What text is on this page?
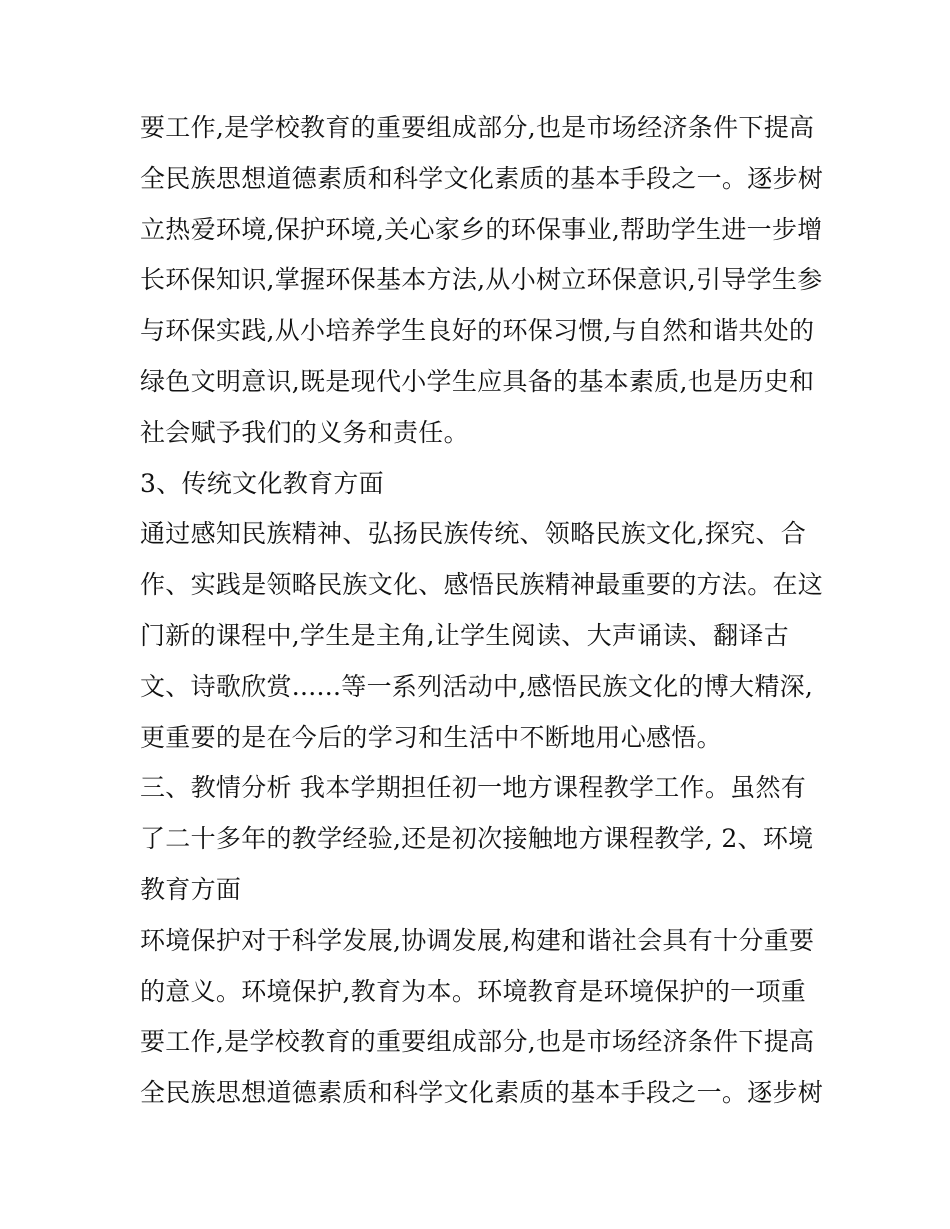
要工作,是学校教育的重要组成部分,也是市场经济条件下提高
全民族思想道德素质和科学文化素质的基本手段之一。逐步树
立热爱环境,保护环境,关心家乡的环保事业,帮助学生进一步增
长环保知识,掌握环保基本方法,从小树立环保意识,引导学生参
与环保实践,从小培养学生良好的环保习惯,与自然和谐共处的
绿色文明意识,既是现代小学生应具备的基本素质,也是历史和
社会赋予我们的义务和责任。
3、传统文化教育方面
通过感知民族精神、弘扬民族传统、领略民族文化,探究、合
作、实践是领略民族文化、感悟民族精神最重要的方法。在这
门新的课程中,学生是主角,让学生阅读、大声诵读、翻译古
文、诗歌欣赏......等一系列活动中,感悟民族文化的博大精深,
更重要的是在今后的学习和生活中不断地用心感悟。
三、教情分析 我本学期担任初一地方课程教学工作。虽然有
了二十多年的教学经验,还是初次接触地方课程教学, 2、环境
教育方面
环境保护对于科学发展,协调发展,构建和谐社会具有十分重要
的意义。环境保护,教育为本。环境教育是环境保护的一项重
要工作,是学校教育的重要组成部分,也是市场经济条件下提高
全民族思想道德素质和科学文化素质的基本手段之一。逐步树
